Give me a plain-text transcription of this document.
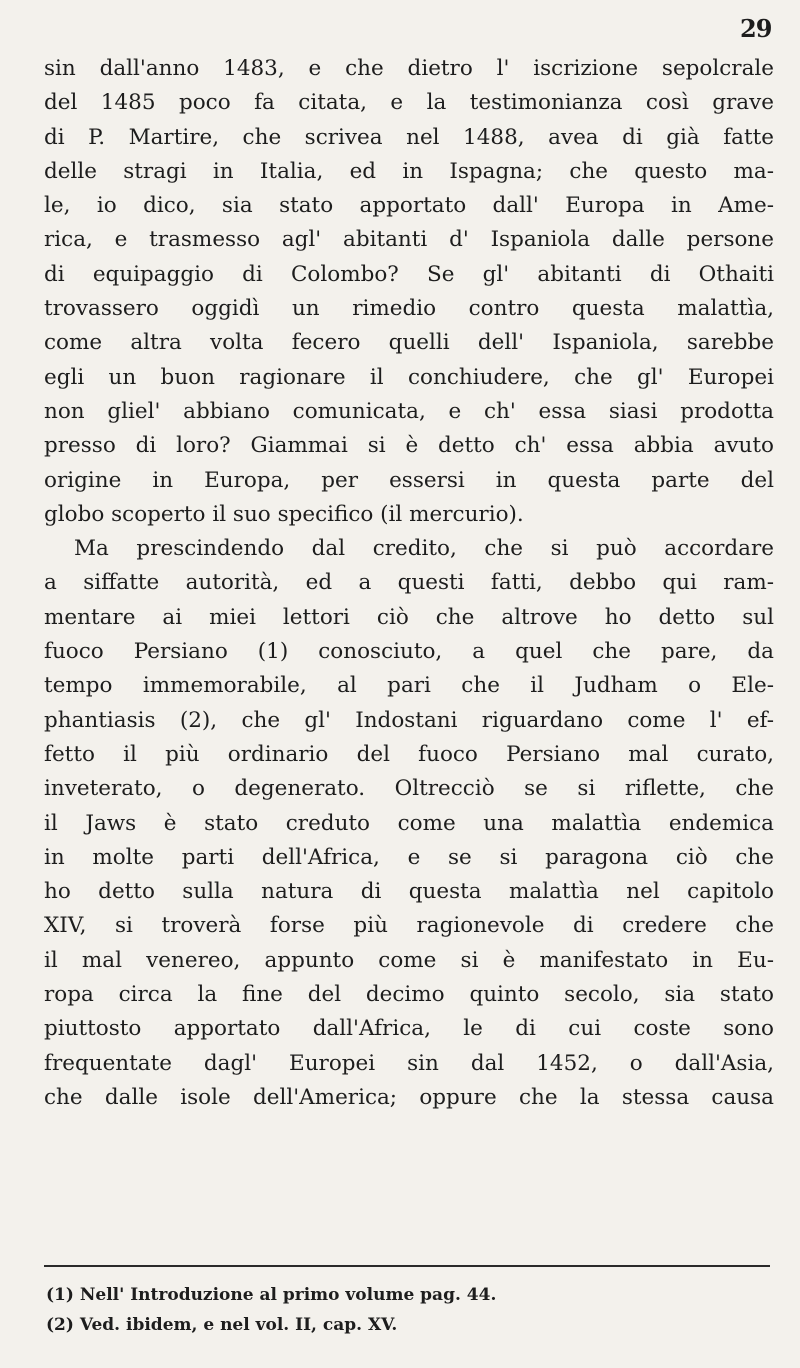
29
sin dall'anno 1483, e che dietro l' iscrizione sepolcrale
del 1485 poco fa citata, e la testimonianza così grave
di P. Martire, che scrivea nel 1488, avea di già fatte
delle stragi in Italia, ed in Ispagna; che questo ma-
le, io dico, sia stato apportato dall' Europa in Ame-
rica, e trasmesso agl' abitanti d' Ispaniola dalle persone
di equipaggio di Colombo? Se gl' abitanti di Othaiti
trovassero oggidì un rimedio contro questa malattìa,
come altra volta fecero quelli dell' Ispaniola, sarebbe
egli un buon ragionare il conchiudere, che gl' Europei
non gliel' abbiano comunicata, e ch' essa siasi prodotta
presso di loro? Giammai si è detto ch' essa abbia avuto
origine in Europa, per essersi in questa parte del
globo scoperto il suo specifico (il mercurio).
Ma prescindendo dal credito, che si può accordare
a siffatte autorità, ed a questi fatti, debbo qui ram-
mentare ai miei lettori ciò che altrove ho detto sul
fuoco Persiano (1) conosciuto, a quel che pare, da
tempo immemorabile, al pari che il Judham o Ele-
phantiasis (2), che gl' Indostani riguardano come l' ef-
fetto il più ordinario del fuoco Persiano mal curato,
inveterato, o degenerato. Oltrecciò se si riflette, che
il Jaws è stato creduto come una malattìa endemica
in molte parti dell'Africa, e se si paragona ciò che
ho detto sulla natura di questa malattìa nel capitolo
XIV, si troverà forse più ragionevole di credere che
il mal venereo, appunto come si è manifestato in Eu-
ropa circa la fine del decimo quinto secolo, sia stato
piuttosto apportato dall'Africa, le di cui coste sono
frequentate dagl' Europei sin dal 1452, o dall'Asia,
che dalle isole dell'America; oppure che la stessa causa
(1) Nell' Introduzione al primo volume pag. 44.
(2) Ved. ibidem, e nel vol. II, cap. XV.
